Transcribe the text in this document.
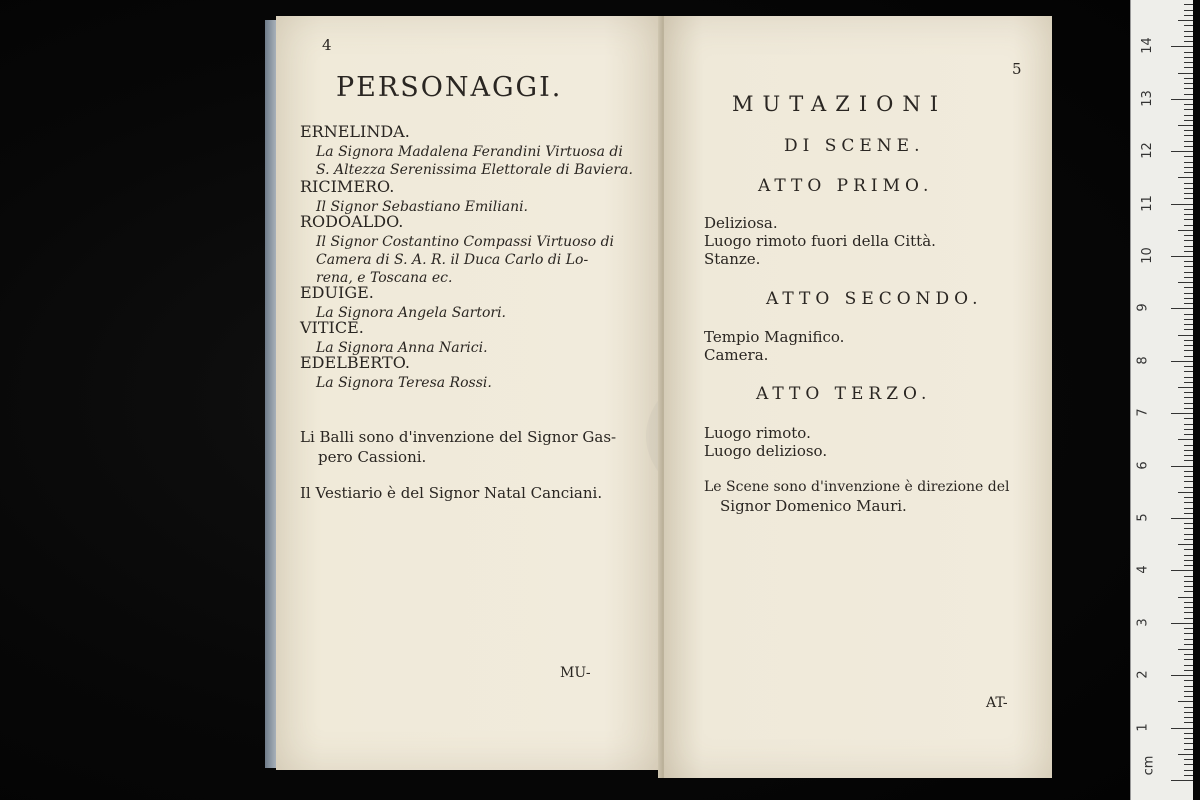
4
PERSONAGGI.
ERNELINDA.
La Signora Madalena Ferandini Virtuosa di
S. Altezza Serenissima Elettorale di Baviera.
RICIMERO.
Il Signor Sebastiano Emiliani.
RODOALDO.
Il Signor Costantino Compassi Virtuoso di
Camera di S. A. R. il Duca Carlo di Lo-
rena, e Toscana ec.
EDUIGE.
La Signora Angela Sartori.
VITICE.
La Signora Anna Narici.
EDELBERTO.
La Signora Teresa Rossi.
Li Balli sono d'invenzione del Signor Gas-
pero Cassioni.
Il Vestiario è del Signor Natal Canciani.
MU-
5
MUTAZIONI
DI SCENE.
ATTO PRIMO.
Deliziosa.
Luogo rimoto fuori della Città.
Stanze.
ATTO SECONDO.
Tempio Magnifico.
Camera.
ATTO TERZO.
Luogo rimoto.
Luogo delizioso.
Le Scene sono d'invenzione è direzione del
Signor Domenico Mauri.
AT-
cm
1
2
3
4
5
6
7
8
9
10
11
12
13
14
